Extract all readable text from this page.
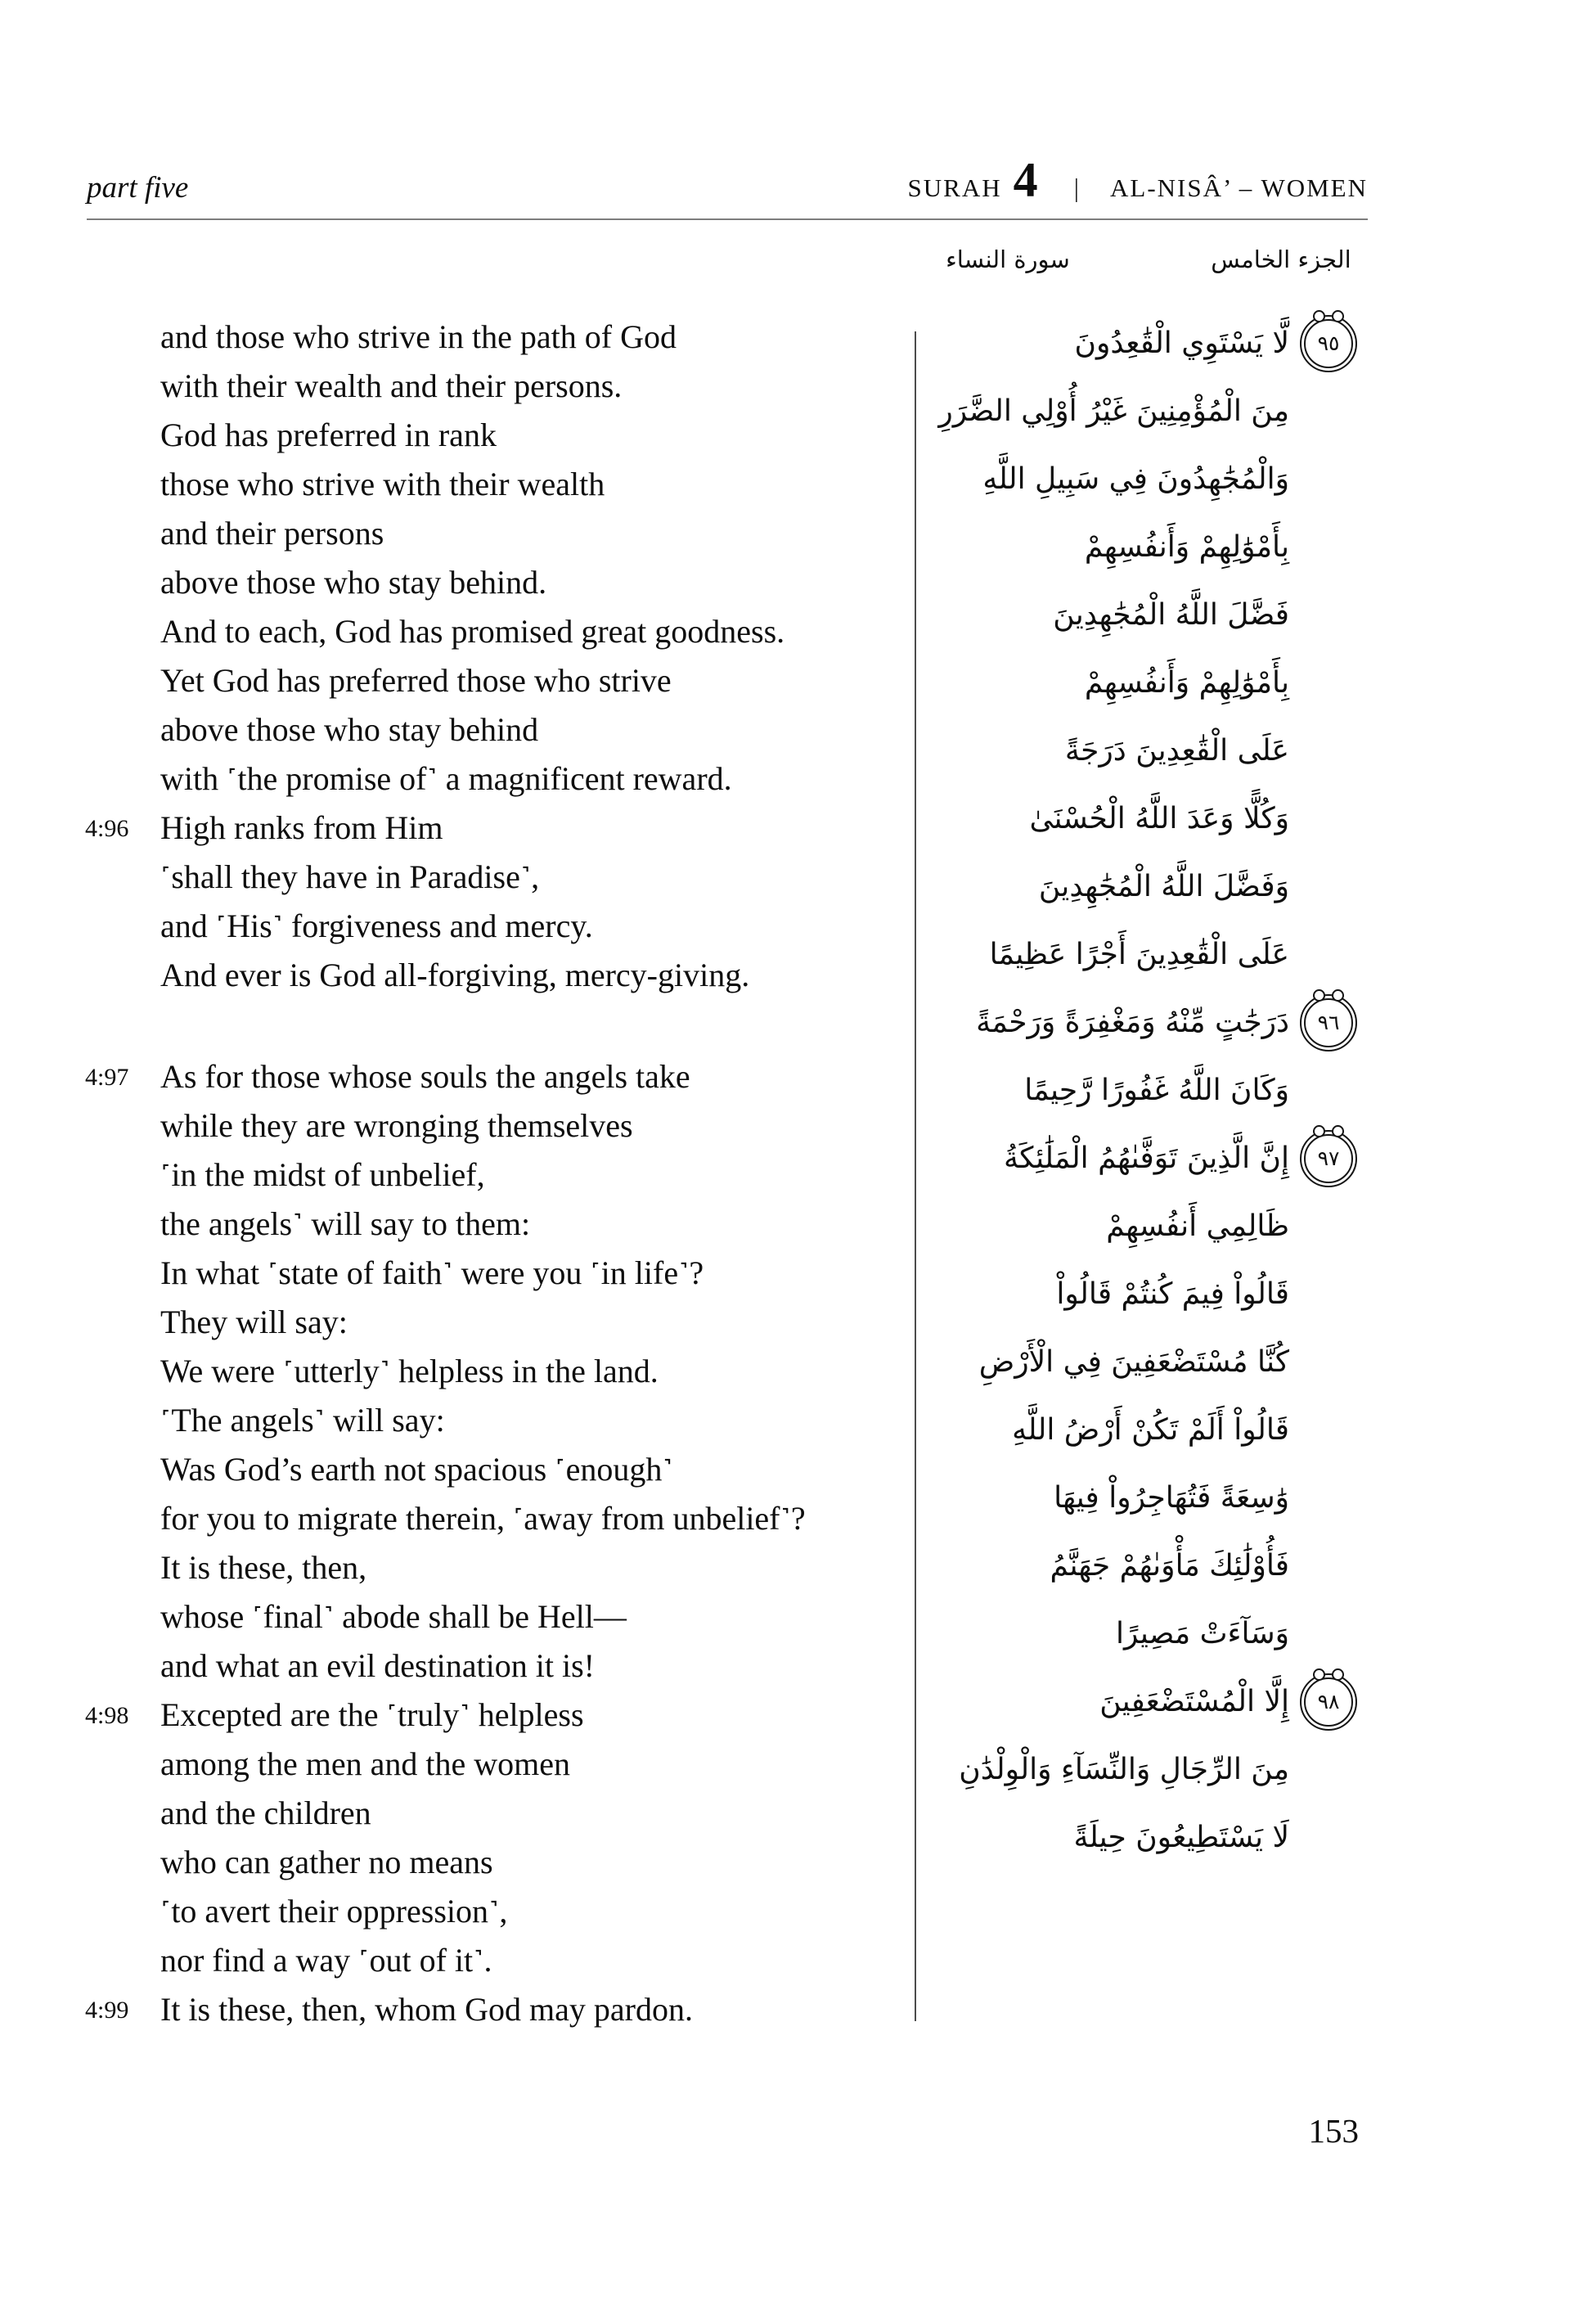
part five	SURAH 4 | AL-NISÂ’ – WOMEN
الجزء الخامس
سورة النساء
and those who strive in the path of God
with their wealth and their persons.
God has preferred in rank
those who strive with their wealth
and their persons
above those who stay behind.
And to each, God has promised great goodness.
Yet God has preferred those who strive
above those who stay behind
with ˹the promise of˺ a magnificent reward.
4:96 High ranks from Him
˹shall they have in Paradise˺,
and ˹His˺ forgiveness and mercy.
And ever is God all-forgiving, mercy-giving.
4:97 As for those whose souls the angels take
while they are wronging themselves
˹in the midst of unbelief,
the angels˺ will say to them:
In what ˹state of faith˺ were you ˹in life˺?
They will say:
We were ˹utterly˺ helpless in the land.
˹The angels˺ will say:
Was God’s earth not spacious ˹enough˺
for you to migrate therein, ˹away from unbelief˺?
It is these, then,
whose ˹final˺ abode shall be Hell—
and what an evil destination it is!
4:98 Excepted are the ˹truly˺ helpless
among the men and the women
and the children
who can gather no means
˹to avert their oppression˺,
nor find a way ˹out of it˺.
4:99 It is these, then, whom God may pardon.
لَّا يَسْتَوِي الْقَٰعِدُونَ	٩٥
مِنَ الْمُؤْمِنِينَ غَيْرُ أُوْلِي الضَّرَرِ
وَالْمُجَٰهِدُونَ فِي سَبِيلِ اللَّهِ
بِأَمْوَٰلِهِمْ وَأَنفُسِهِمْ
فَضَّلَ اللَّهُ الْمُجَٰهِدِينَ
بِأَمْوَٰلِهِمْ وَأَنفُسِهِمْ
عَلَى الْقَٰعِدِينَ دَرَجَةً
وَكُلًّا وَعَدَ اللَّهُ الْحُسْنَىٰ
وَفَضَّلَ اللَّهُ الْمُجَٰهِدِينَ
عَلَى الْقَٰعِدِينَ أَجْرًا عَظِيمًا
دَرَجَٰتٍ مِّنْهُ وَمَغْفِرَةً وَرَحْمَةً	٩٦
وَكَانَ اللَّهُ غَفُورًا رَّحِيمًا
إِنَّ الَّذِينَ تَوَفَّىٰهُمُ الْمَلَٰئِكَةُ	٩٧
ظَالِمِي أَنفُسِهِمْ
قَالُواْ فِيمَ كُنتُمْ قَالُواْ
كُنَّا مُسْتَضْعَفِينَ فِي الْأَرْضِ
قَالُواْ أَلَمْ تَكُنْ أَرْضُ اللَّهِ
وَٰسِعَةً فَتُهَاجِرُواْ فِيهَا
فَأُوْلَٰئِكَ مَأْوَىٰهُمْ جَهَنَّمُ
وَسَآءَتْ مَصِيرًا
إِلَّا الْمُسْتَضْعَفِينَ	٩٨
مِنَ الرِّجَالِ وَالنِّسَآءِ وَالْوِلْدَٰنِ
لَا يَسْتَطِيعُونَ حِيلَةً
153
